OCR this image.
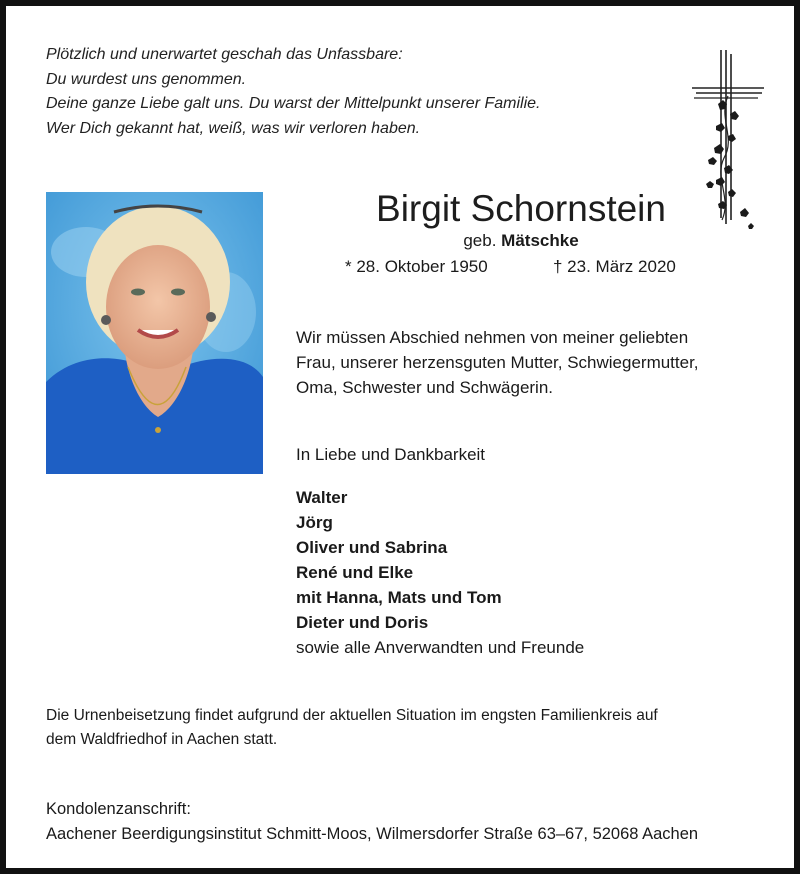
Plötzlich und unerwartet geschah das Unfassbare:
Du wurdest uns genommen.
Deine ganze Liebe galt uns. Du warst der Mittelpunkt unserer Familie.
Wer Dich gekannt hat, weiß, was wir verloren haben.
Birgit Schornstein
geb. Mätschke
* 28. Oktober 1950	† 23. März 2020
Wir müssen Abschied nehmen von meiner geliebten
Frau, unserer herzensguten Mutter, Schwiegermutter,
Oma, Schwester und Schwägerin.
In Liebe und Dankbarkeit
Walter
Jörg
Oliver und Sabrina
René und Elke
mit Hanna, Mats und Tom
Dieter und Doris
sowie alle Anverwandten und Freunde
Die Urnenbeisetzung findet aufgrund der aktuellen Situation im engsten Familienkreis auf
dem Waldfriedhof in Aachen statt.
Kondolenzanschrift:
Aachener Beerdigungsinstitut Schmitt-Moos, Wilmersdorfer Straße 63–67, 52068 Aachen
